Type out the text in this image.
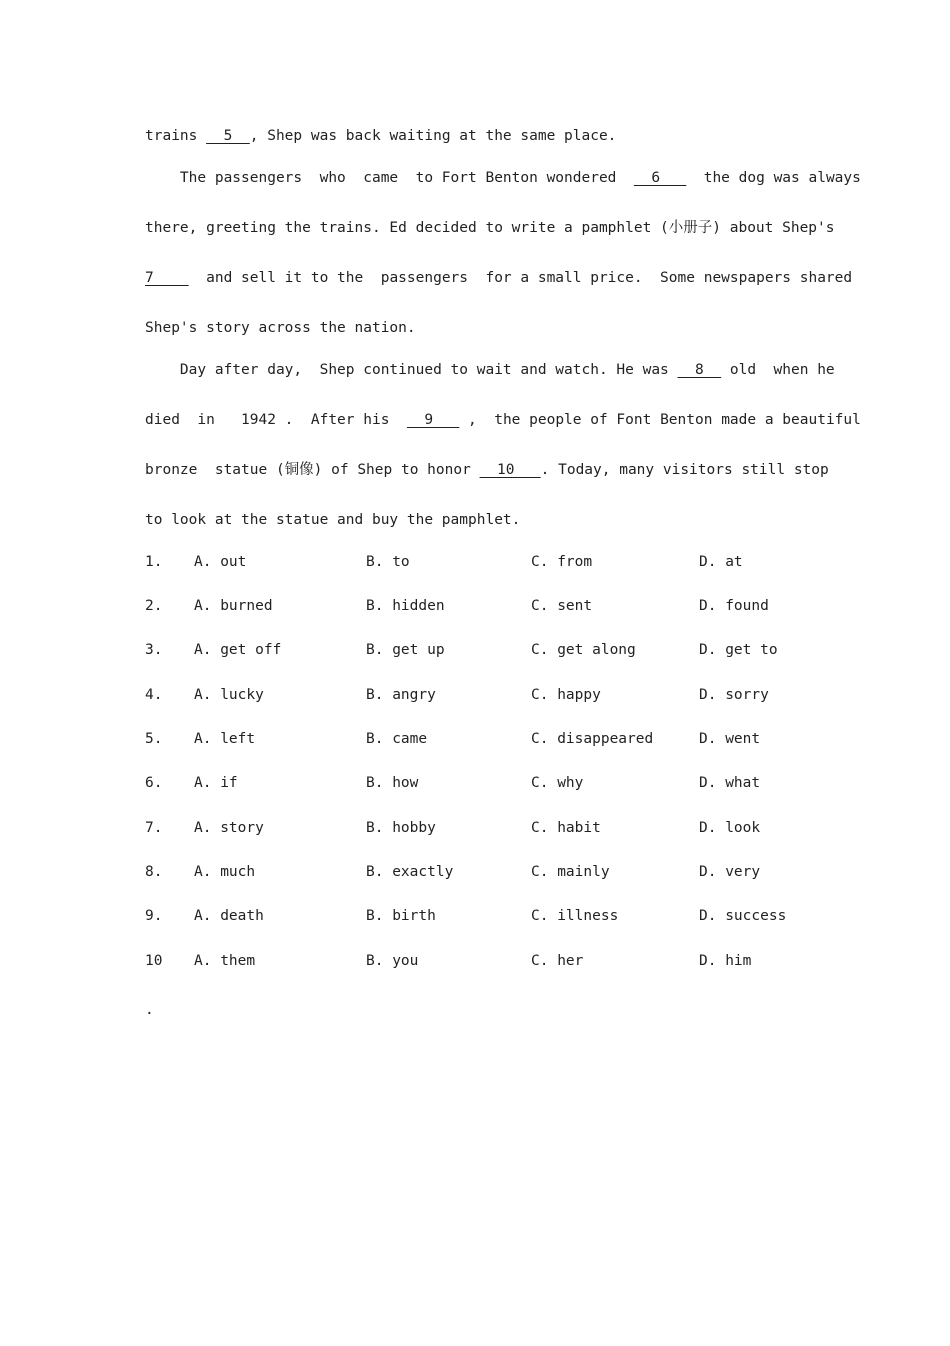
trains   5  , Shep was back waiting at the same place.
The passengers  who  came  to Fort Benton wondered    6     the dog was always
there, greeting the trains. Ed decided to write a pamphlet (小册子) about Shep's
7      and sell it to the  passengers  for a small price.  Some newspapers shared
Shep's story across the nation.
Day after day,  Shep continued to wait and watch. He was   8   old  when he
died  in   1942 .  After his    9    ,  the people of Font Benton made a beautiful
bronze  statue (铜像) of Shep to honor   10   . Today, many visitors still stop
to look at the statue and buy the pamphlet.
1. A. out	B. to	C. from	D. at
2. A. burned	B. hidden	C. sent	D. found
3. A. get off	B. get up	C. get along	D. get to
4. A. lucky	B. angry	C. happy	D. sorry
5. A. left	B. came	C. disappeared	D. went
6. A. if	B. how	C. why	D. what
7. A. story	B. hobby	C. habit	D. look
8. A. much	B. exactly	C. mainly	D. very
9. A. death	B. birth	C. illness	D. success
10 A. them	B. you	C. her	D. him
.
